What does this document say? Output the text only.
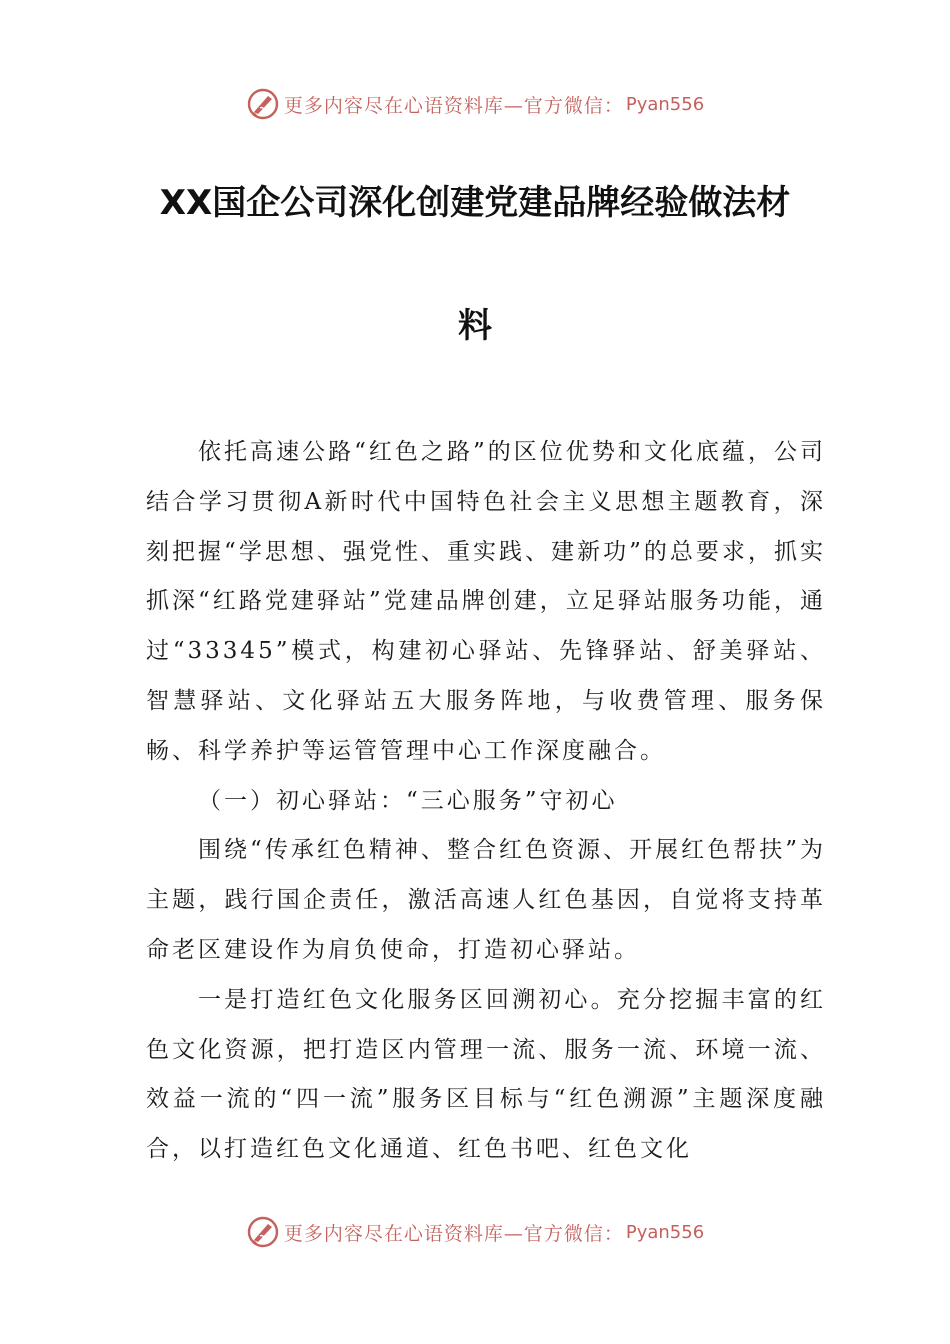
更多内容尽在心语资料库—官方微信： Pyan556
XX国企公司深化创建党建品牌经验做法材
料

依托高速公路“红色之路”的区位优势和文化底蕴，公司结合学习贯彻A新时代中国特色社会主义思想主题教育，深刻把握“学思想、强党性、重实践、建新功”的总要求，抓实抓深“红路党建驿站”党建品牌创建，立足驿站服务功能，通过“33345”模式，构建初心驿站、先锋驿站、舒美驿站、智慧驿站、文化驿站五大服务阵地，与收费管理、服务保畅、科学养护等运管管理中心工作深度融合。

（一）初心驿站：“三心服务”守初心

围绕“传承红色精神、整合红色资源、开展红色帮扶”为主题，践行国企责任，激活高速人红色基因，自觉将支持革命老区建设作为肩负使命，打造初心驿站。

一是打造红色文化服务区回溯初心。充分挖掘丰富的红色文化资源，把打造区内管理一流、服务一流、环境一流、效益一流的“四一流”服务区目标与“红色溯源”主题深度融合，以打造红色文化通道、红色书吧、红色文化

更多内容尽在心语资料库—官方微信： Pyan556
